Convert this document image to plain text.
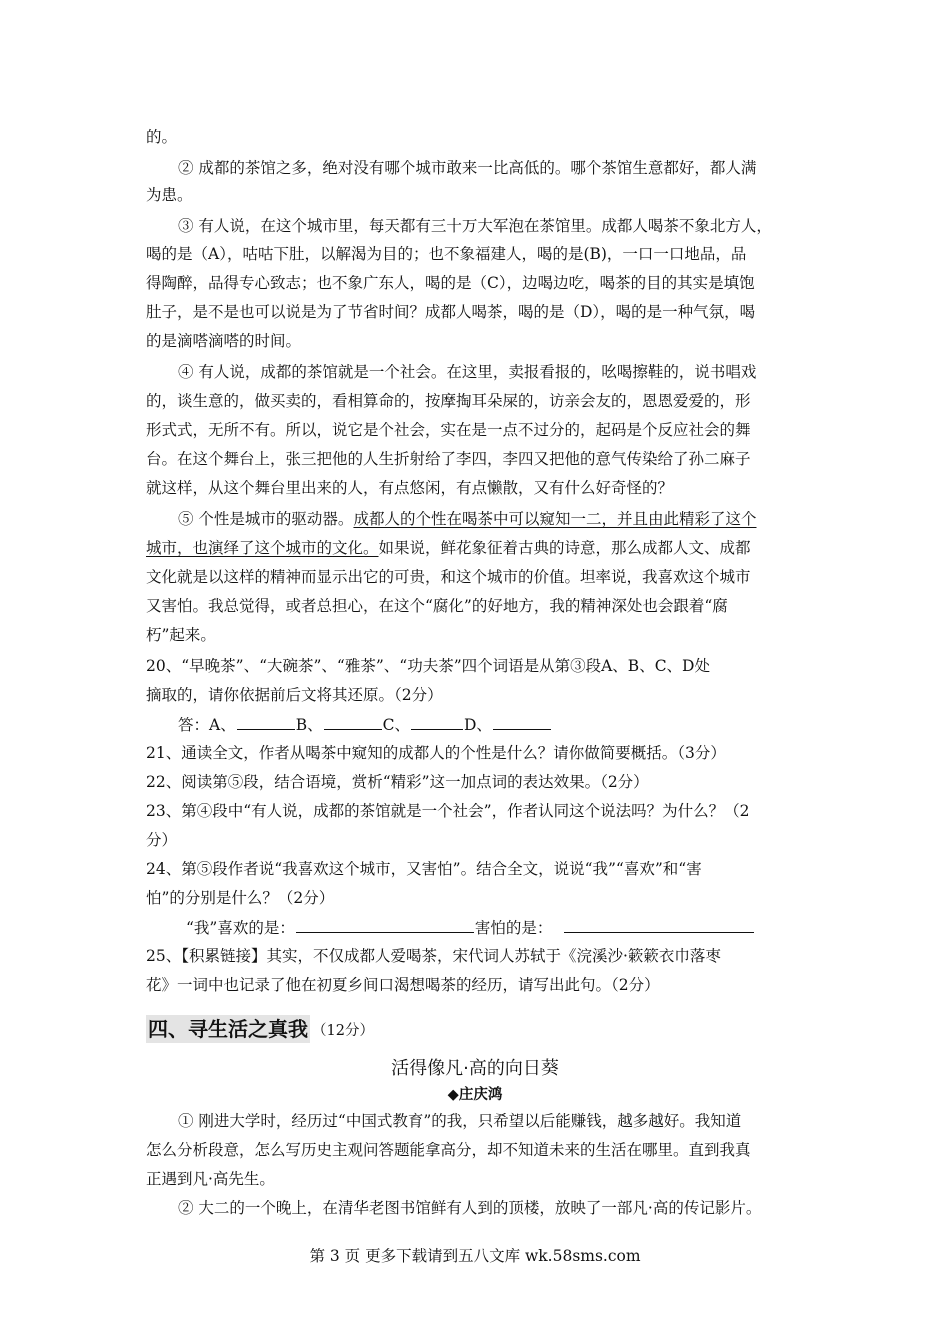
的。
② 成都的茶馆之多，绝对没有哪个城市敢来一比高低的。哪个茶馆生意都好，都人满
为患。
③ 有人说，在这个城市里，每天都有三十万大军泡在茶馆里。成都人喝茶不象北方人，
喝的是（A），咕咕下肚，以解渴为目的；也不象福建人，喝的是(B)，一口一口地品，品
得陶醉，品得专心致志；也不象广东人，喝的是（C），边喝边吃，喝茶的目的其实是填饱
肚子，是不是也可以说是为了节省时间？成都人喝茶，喝的是（D），喝的是一种气氛，喝
的是滴嗒滴嗒的时间。
④ 有人说，成都的茶馆就是一个社会。在这里，卖报看报的，吆喝擦鞋的，说书唱戏
的，谈生意的，做买卖的，看相算命的，按摩掏耳朵屎的，访亲会友的，恩恩爱爱的，形
形式式，无所不有。所以，说它是个社会，实在是一点不过分的，起码是个反应社会的舞
台。在这个舞台上，张三把他的人生折射给了李四，李四又把他的意气传染给了孙二麻子
就这样，从这个舞台里出来的人，有点悠闲，有点懒散，又有什么好奇怪的？
⑤ 个性是城市的驱动器。成都人的个性在喝茶中可以窥知一二，并且由此精彩了这个
城市，也演绎了这个城市的文化。如果说，鲜花象征着古典的诗意，那么成都人文、成都
文化就是以这样的精神而显示出它的可贵，和这个城市的价值。坦率说，我喜欢这个城市
又害怕。我总觉得，或者总担心，在这个“腐化”的好地方，我的精神深处也会跟着“腐
朽”起来。
20、“早晚茶”、“大碗茶”、“雅茶”、“功夫茶”四个词语是从第③段A、B、C、D处
摘取的，请你依据前后文将其还原。（2分）
答：A、	B、	C、	D、
21、通读全文，作者从喝茶中窥知的成都人的个性是什么？请你做简要概括。（3分）
22、阅读第⑤段，结合语境，赏析“精彩”这一加点词的表达效果。（2分）
23、第④段中“有人说，成都的茶馆就是一个社会”，作者认同这个说法吗？为什么？（2
分）
24、第⑤段作者说“我喜欢这个城市，又害怕”。结合全文，说说“我”“喜欢”和“害
怕”的分别是什么？（2分）
“我”喜欢的是：	害怕的是：
25、【积累链接】其实，不仅成都人爱喝茶，宋代词人苏轼于《浣溪沙·簌簌衣巾落枣
花》一词中也记录了他在初夏乡间口渴想喝茶的经历，请写出此句。（2分）
四、寻生活之真我 （12分）
活得像凡·高的向日葵
◆庄庆鸿
① 刚进大学时，经历过“中国式教育”的我，只希望以后能赚钱，越多越好。我知道
怎么分析段意，怎么写历史主观问答题能拿高分，却不知道未来的生活在哪里。直到我真
正遇到凡·高先生。
② 大二的一个晚上，在清华老图书馆鲜有人到的顶楼，放映了一部凡·高的传记影片。
第 3 页 更多下载请到五八文库 wk.58sms.com
